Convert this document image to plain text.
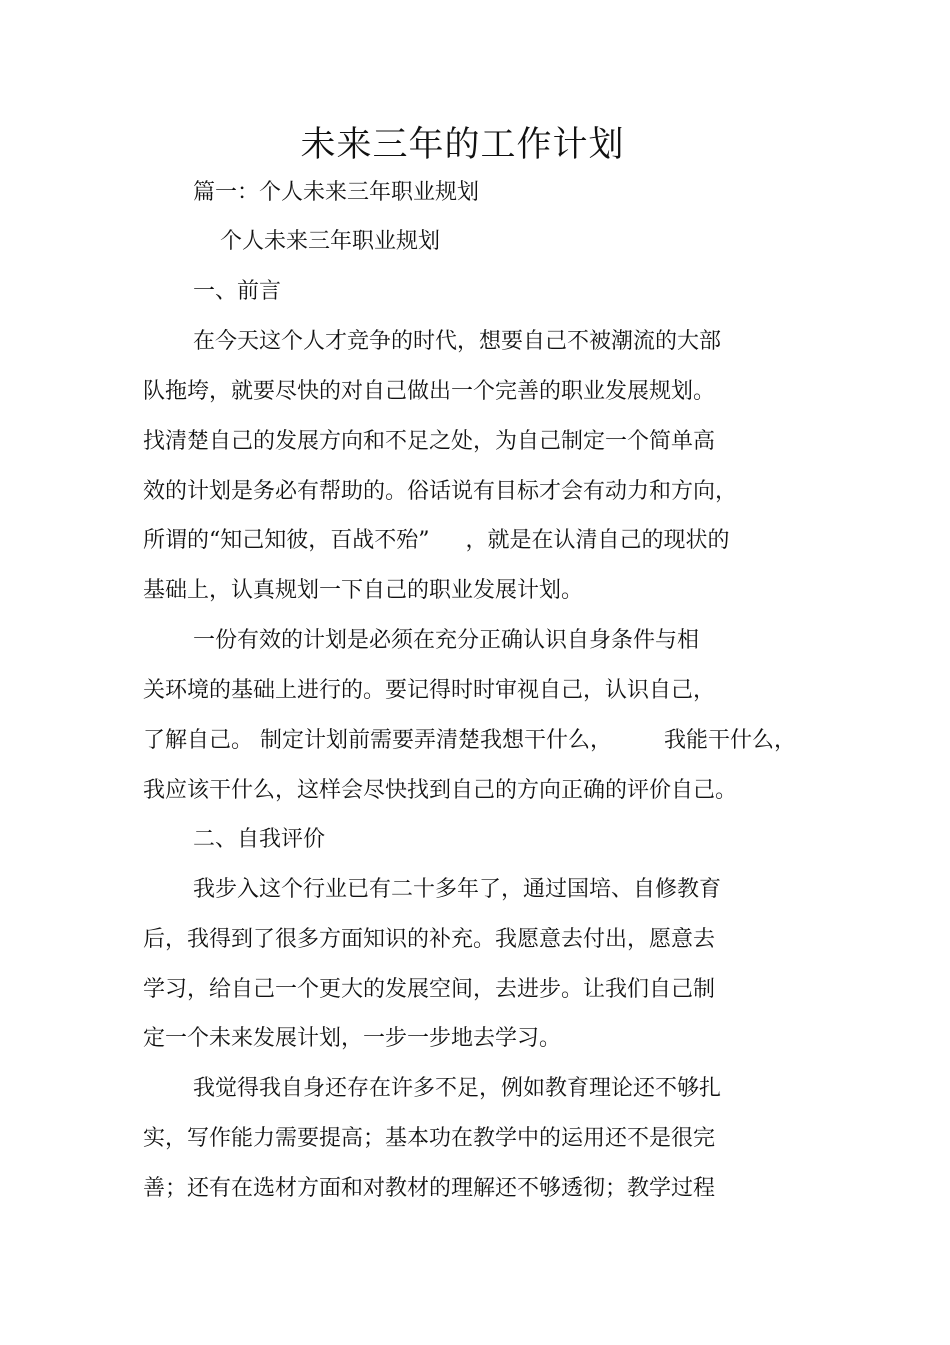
未来三年的工作计划
篇一：个人未来三年职业规划
个人未来三年职业规划
一、前言
在今天这个人才竞争的时代，想要自己不被潮流的大部
队拖垮，就要尽快的对自己做出一个完善的职业发展规划。
找清楚自己的发展方向和不足之处，为自己制定一个简单高
效的计划是务必有帮助的。俗话说有目标才会有动力和方向，
所谓的“知己知彼，百战不殆” ，就是在认清自己的现状的
基础上，认真规划一下自己的职业发展计划。
一份有效的计划是必须在充分正确认识自身条件与相
关环境的基础上进行的。要记得时时审视自己，认识自己，
了解自己。 制定计划前需要弄清楚我想干什么， 我能干什么，
我应该干什么，这样会尽快找到自己的方向正确的评价自己。
二、自我评价
我步入这个行业已有二十多年了，通过国培、自修教育
后，我得到了很多方面知识的补充。我愿意去付出，愿意去
学习，给自己一个更大的发展空间，去进步。让我们自己制
定一个未来发展计划，一步一步地去学习。
我觉得我自身还存在许多不足，例如教育理论还不够扎
实，写作能力需要提高；基本功在教学中的运用还不是很完
善；还有在选材方面和对教材的理解还不够透彻；教学过程
